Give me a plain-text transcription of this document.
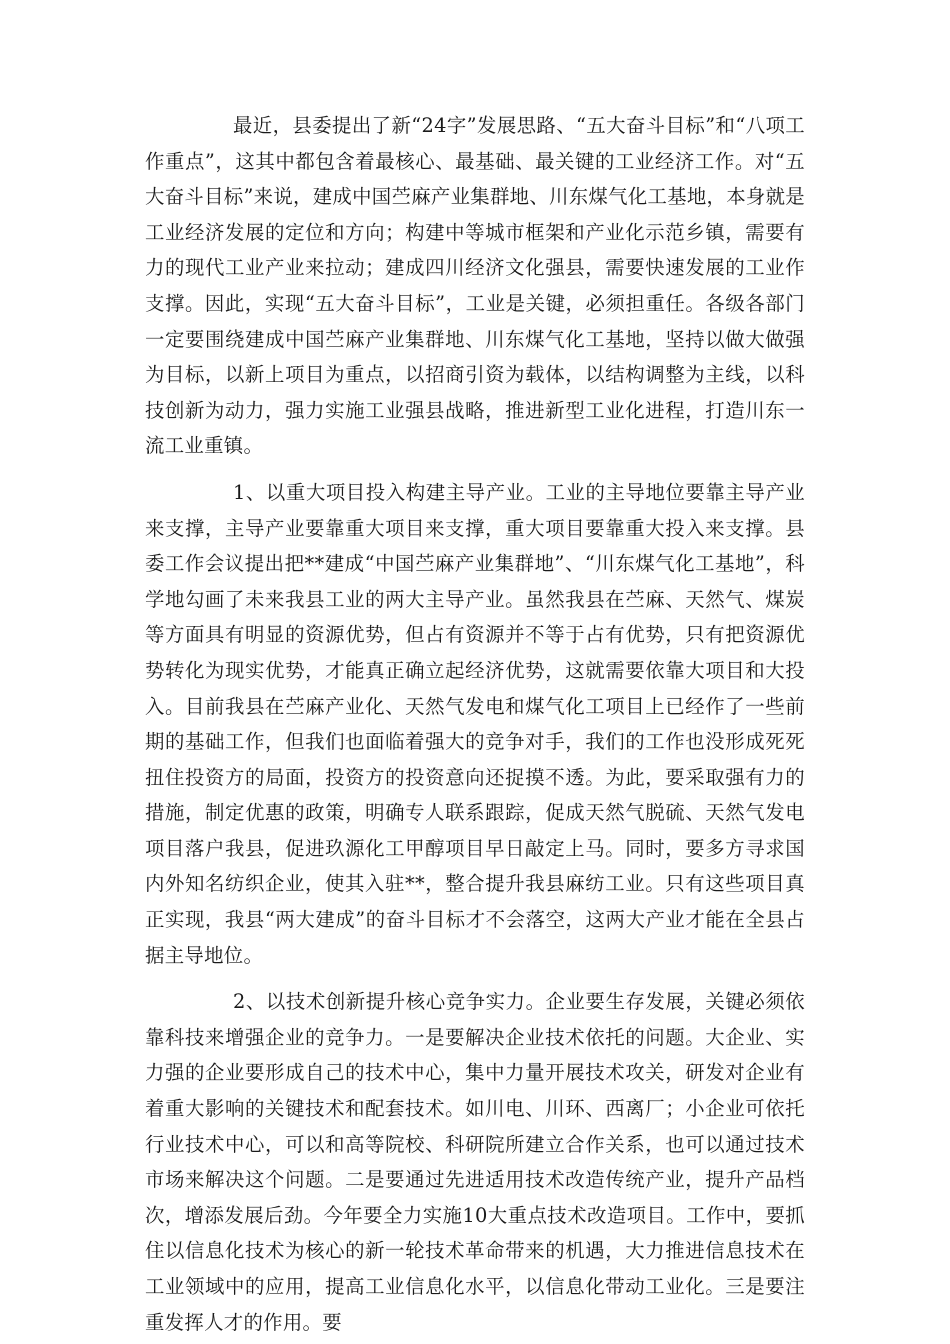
最近，县委提出了新“24字”发展思路、“五大奋斗目标”和“八项工作重点”，这其中都包含着最核心、最基础、最关键的工业经济工作。对“五大奋斗目标”来说，建成中国苎麻产业集群地、川东煤气化工基地，本身就是工业经济发展的定位和方向；构建中等城市框架和产业化示范乡镇，需要有力的现代工业产业来拉动；建成四川经济文化强县，需要快速发展的工业作支撑。因此，实现“五大奋斗目标”，工业是关键，必须担重任。各级各部门一定要围绕建成中国苎麻产业集群地、川东煤气化工基地，坚持以做大做强为目标，以新上项目为重点，以招商引资为载体，以结构调整为主线，以科技创新为动力，强力实施工业强县战略，推进新型工业化进程，打造川东一流工业重镇。

1、以重大项目投入构建主导产业。工业的主导地位要靠主导产业来支撑，主导产业要靠重大项目来支撑，重大项目要靠重大投入来支撑。县委工作会议提出把**建成“中国苎麻产业集群地”、“川东煤气化工基地”，科学地勾画了未来我县工业的两大主导产业。虽然我县在苎麻、天然气、煤炭等方面具有明显的资源优势，但占有资源并不等于占有优势，只有把资源优势转化为现实优势，才能真正确立起经济优势，这就需要依靠大项目和大投入。目前我县在苎麻产业化、天然气发电和煤气化工项目上已经作了一些前期的基础工作，但我们也面临着强大的竞争对手，我们的工作也没形成死死扭住投资方的局面，投资方的投资意向还捉摸不透。为此，要采取强有力的措施，制定优惠的政策，明确专人联系跟踪，促成天然气脱硫、天然气发电项目落户我县，促进玖源化工甲醇项目早日敲定上马。同时，要多方寻求国内外知名纺织企业，使其入驻**，整合提升我县麻纺工业。只有这些项目真正实现，我县“两大建成”的奋斗目标才不会落空，这两大产业才能在全县占据主导地位。

2、以技术创新提升核心竞争实力。企业要生存发展，关键必须依靠科技来增强企业的竞争力。一是要解决企业技术依托的问题。大企业、实力强的企业要形成自己的技术中心，集中力量开展技术攻关，研发对企业有着重大影响的关键技术和配套技术。如川电、川环、西离厂；小企业可依托行业技术中心，可以和高等院校、科研院所建立合作关系，也可以通过技术市场来解决这个问题。二是要通过先进适用技术改造传统产业，提升产品档次，增添发展后劲。今年要全力实施10大重点技术改造项目。工作中，要抓住以信息化技术为核心的新一轮技术革命带来的机遇，大力推进信息技术在工业领域中的应用，提高工业信息化水平，以信息化带动工业化。三是要注重发挥人才的作用。要
